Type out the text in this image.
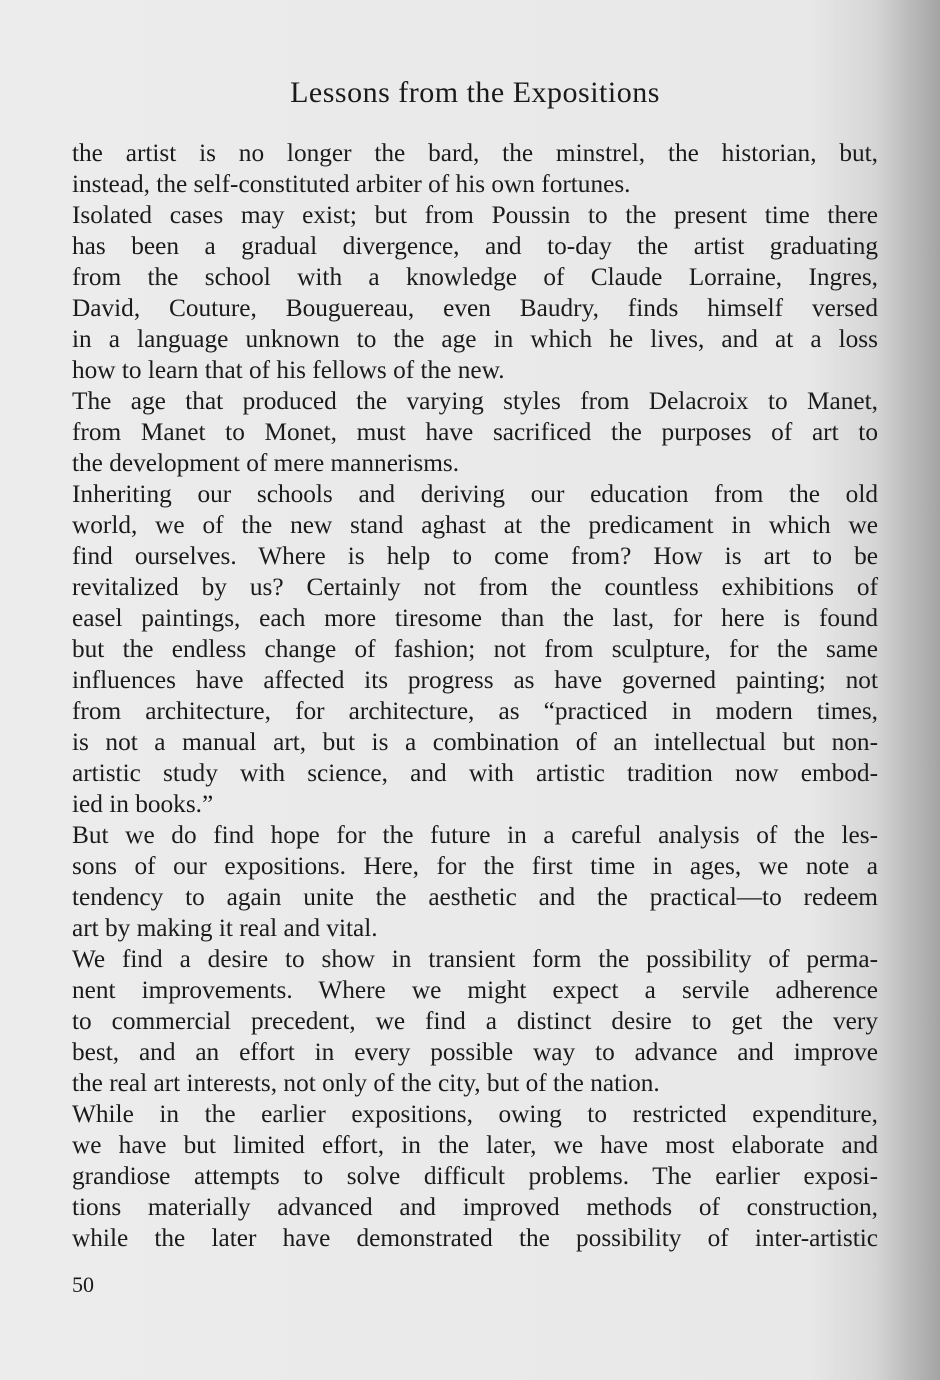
Lessons from the Expositions
the artist is no longer the bard, the minstrel, the historian, but,
instead, the self-constituted arbiter of his own fortunes.
Isolated cases may exist; but from Poussin to the present time there
has been a gradual divergence, and to-day the artist graduating
from the school with a knowledge of Claude Lorraine, Ingres,
David, Couture, Bouguereau, even Baudry, finds himself versed
in a language unknown to the age in which he lives, and at a loss
how to learn that of his fellows of the new.
The age that produced the varying styles from Delacroix to Manet,
from Manet to Monet, must have sacrificed the purposes of art to
the development of mere mannerisms.
Inheriting our schools and deriving our education from the old
world, we of the new stand aghast at the predicament in which we
find ourselves. Where is help to come from? How is art to be
revitalized by us? Certainly not from the countless exhibitions of
easel paintings, each more tiresome than the last, for here is found
but the endless change of fashion; not from sculpture, for the same
influences have affected its progress as have governed painting; not
from architecture, for architecture, as “practiced in modern times,
is not a manual art, but is a combination of an intellectual but non-
artistic study with science, and with artistic tradition now embod-
ied in books.”
But we do find hope for the future in a careful analysis of the les-
sons of our expositions. Here, for the first time in ages, we note a
tendency to again unite the aesthetic and the practical—to redeem
art by making it real and vital.
We find a desire to show in transient form the possibility of perma-
nent improvements. Where we might expect a servile adherence
to commercial precedent, we find a distinct desire to get the very
best, and an effort in every possible way to advance and improve
the real art interests, not only of the city, but of the nation.
While in the earlier expositions, owing to restricted expenditure,
we have but limited effort, in the later, we have most elaborate and
grandiose attempts to solve difficult problems. The earlier exposi-
tions materially advanced and improved methods of construction,
while the later have demonstrated the possibility of inter-artistic
50
